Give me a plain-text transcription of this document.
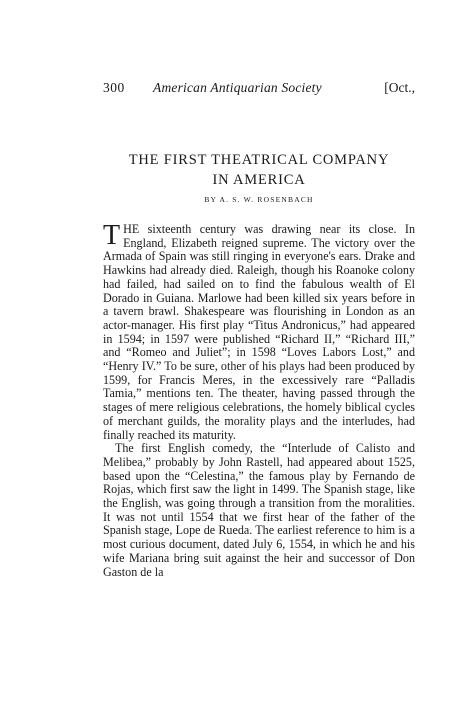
300 American Antiquarian Society	[Oct.,
THE FIRST THEATRICAL COMPANY
IN AMERICA
BY A. S. W. ROSENBACH

THE sixteenth century was drawing near its close. In England, Elizabeth reigned supreme. The victory over the Armada of Spain was still ringing in everyone's ears. Drake and Hawkins had already died. Raleigh, though his Roanoke colony had failed, had sailed on to find the fabulous wealth of El Dorado in Guiana. Marlowe had been killed six years before in a tavern brawl. Shakespeare was flourishing in London as an actor-manager. His first play “Titus Andronicus,” had appeared in 1594; in 1597 were published “Richard II,” “Richard III,” and “Romeo and Juliet”; in 1598 “Loves Labors Lost,” and “Henry IV.” To be sure, other of his plays had been produced by 1599, for Francis Meres, in the excessively rare “Palladis Tamia,” mentions ten. The theater, having passed through the stages of mere religious celebrations, the homely biblical cycles of merchant guilds, the morality plays and the interludes, had finally reached its maturity.

The first English comedy, the “Interlude of Calisto and Melibea,” probably by John Rastell, had appeared about 1525, based upon the “Celestina,” the famous play by Fernando de Rojas, which first saw the light in 1499. The Spanish stage, like the English, was going through a transition from the moralities. It was not until 1554 that we first hear of the father of the Spanish stage, Lope de Rueda. The earliest reference to him is a most curious document, dated July 6, 1554, in which he and his wife Mariana bring suit against the heir and successor of Don Gaston de la
